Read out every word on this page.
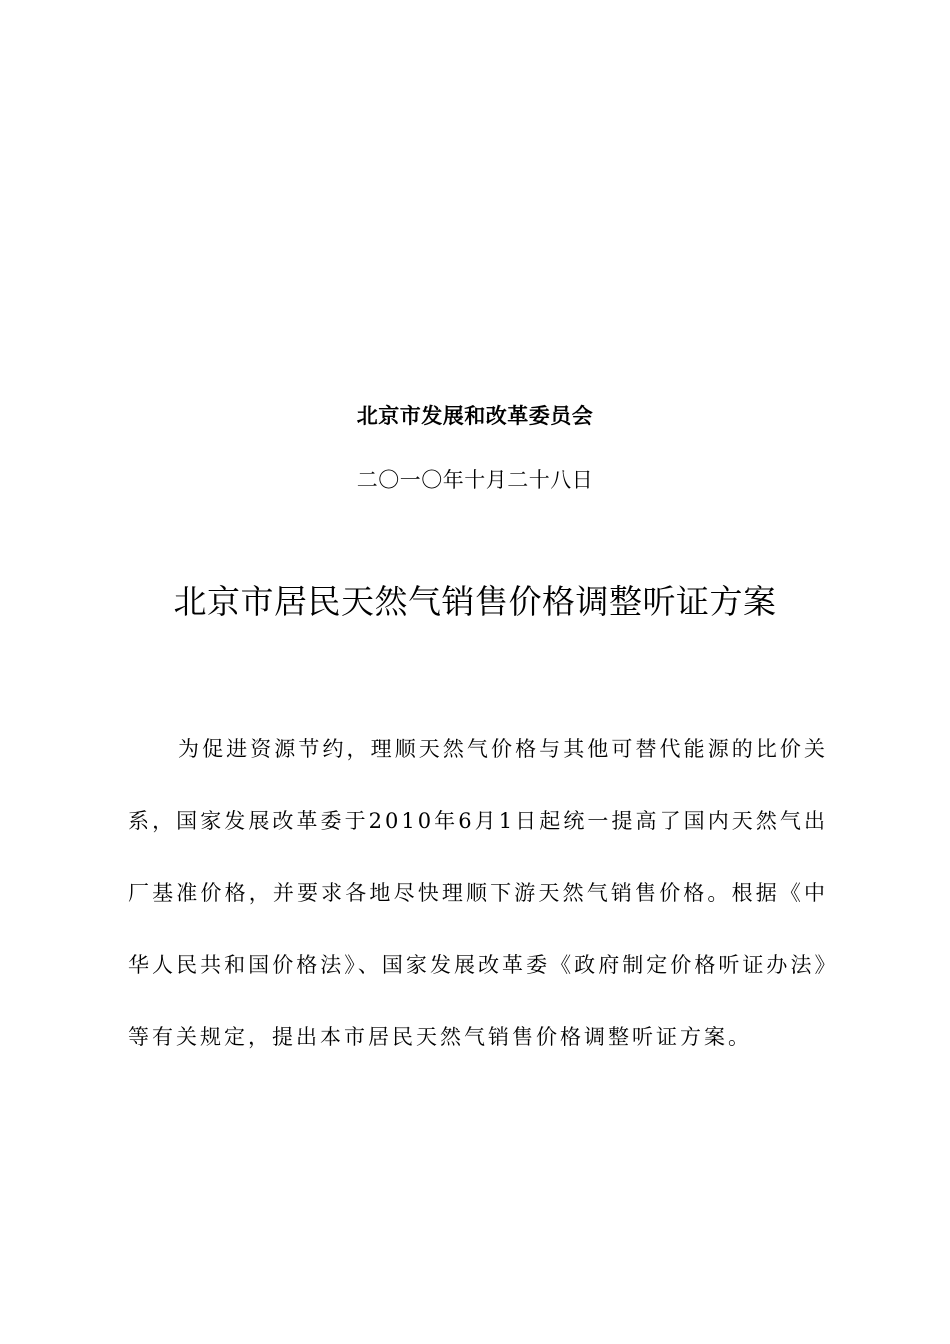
北京市发展和改革委员会
二〇一〇年十月二十八日
北京市居民天然气销售价格调整听证方案

为促进资源节约，理顺天然气价格与其他可替代能源的比价关系，国家发展改革委于2010年6月1日起统一提高了国内天然气出厂基准价格，并要求各地尽快理顺下游天然气销售价格。根据《中华人民共和国价格法》、国家发展改革委《政府制定价格听证办法》等有关规定，提出本市居民天然气销售价格调整听证方案。
